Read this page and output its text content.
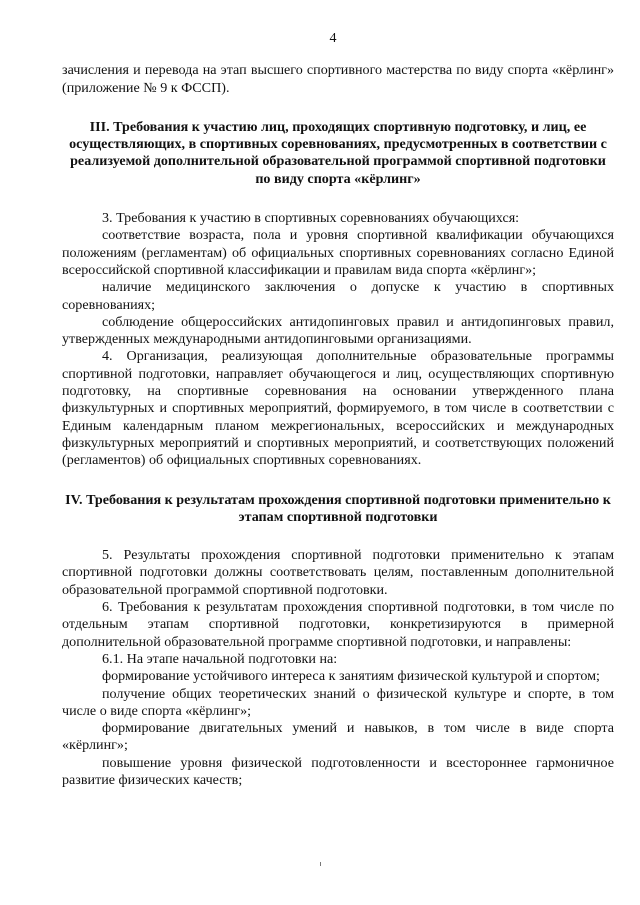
4

зачисления и перевода на этап высшего спортивного мастерства по виду спорта «кёрлинг» (приложение № 9 к ФССП).

III. Требования к участию лиц, проходящих спортивную подготовку, и лиц, ее осуществляющих, в спортивных соревнованиях, предусмотренных в соответствии с реализуемой дополнительной образовательной программой спортивной подготовки по виду спорта «кёрлинг»

3. Требования к участию в спортивных соревнованиях обучающихся:

соответствие возраста, пола и уровня спортивной квалификации обучающихся положениям (регламентам) об официальных спортивных соревнованиях согласно Единой всероссийской спортивной классификации и правилам вида спорта «кёрлинг»;

наличие медицинского заключения о допуске к участию в спортивных соревнованиях;

соблюдение общероссийских антидопинговых правил и антидопинговых правил, утвержденных международными антидопинговыми организациями.

4. Организация, реализующая дополнительные образовательные программы спортивной подготовки, направляет обучающегося и лиц, осуществляющих спортивную подготовку, на спортивные соревнования на основании утвержденного плана физкультурных и спортивных мероприятий, формируемого, в том числе в соответствии с Единым календарным планом межрегиональных, всероссийских и международных физкультурных мероприятий и спортивных мероприятий, и соответствующих положений (регламентов) об официальных спортивных соревнованиях.

IV. Требования к результатам прохождения спортивной подготовки применительно к этапам спортивной подготовки

5. Результаты прохождения спортивной подготовки применительно к этапам спортивной подготовки должны соответствовать целям, поставленным дополнительной образовательной программой спортивной подготовки.

6. Требования к результатам прохождения спортивной подготовки, в том числе по отдельным этапам спортивной подготовки, конкретизируются в примерной дополнительной образовательной программе спортивной подготовки, и направлены:

6.1. На этапе начальной подготовки на:

формирование устойчивого интереса к занятиям физической культурой и спортом;

получение общих теоретических знаний о физической культуре и спорте, в том числе о виде спорта «кёрлинг»;

формирование двигательных умений и навыков, в том числе в виде спорта «кёрлинг»;

повышение уровня физической подготовленности и всестороннее гармоничное развитие физических качеств;
